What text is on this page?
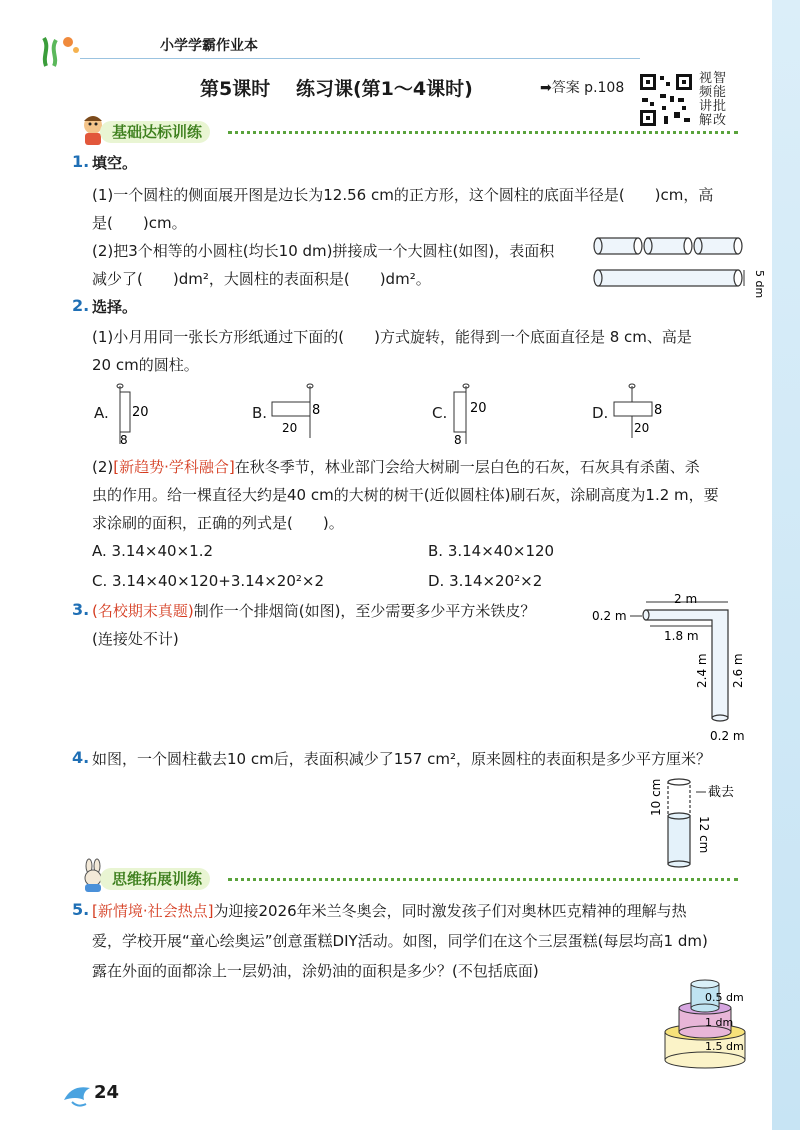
小学学霸作业本
第5课时 练习课(第1～4课时)	➡答案 p.108
视频讲解
智能批改
基础达标训练
1. 填空。
(1)一个圆柱的侧面展开图是边长为12.56 cm的正方形，这个圆柱的底面半径是(　　)cm，高
是(　　)cm。
(2)把3个相等的小圆柱(均长10 dm)拼接成一个大圆柱(如图)，表面积
减少了(　　)dm²，大圆柱的表面积是(　　)dm²。	5 dm
2. 选择。
(1)小月用同一张长方形纸通过下面的(　　)方式旋转，能得到一个底面直径是 8 cm、高是
20 cm的圆柱。
A. 20
8
B.	8
20
C. 20
8
D.	8
20
(2)[新趋势·学科融合]在秋冬季节，林业部门会给大树刷一层白色的石灰，石灰具有杀菌、杀
虫的作用。给一棵直径大约是40 cm的大树的树干(近似圆柱体)刷石灰，涂刷高度为1.2 m，要
求涂刷的面积，正确的列式是(　　)。
A. 3.14×40×1.2	B. 3.14×40×120
C. 3.14×40×120+3.14×20²×2	D. 3.14×20²×2
3. (名校期末真题)制作一个排烟筒(如图)，至少需要多少平方米铁皮？
(连接处不计)
2 m
0.2 m
1.8 m
2.4 m 2.6 m
0.2 m
4. 如图，一个圆柱截去10 cm后，表面积减少了157 cm²，原来圆柱的表面积是多少平方厘米？
10 cm
12 cm
截去
思维拓展训练
5. [新情境·社会热点]为迎接2026年米兰冬奥会，同时激发孩子们对奥林匹克精神的理解与热
爱，学校开展“童心绘奥运”创意蛋糕DIY活动。如图，同学们在这个三层蛋糕(每层均高1 dm)
露在外面的面都涂上一层奶油，涂奶油的面积是多少？(不包括底面)
0.5 dm
1 dm
1.5 dm
24
